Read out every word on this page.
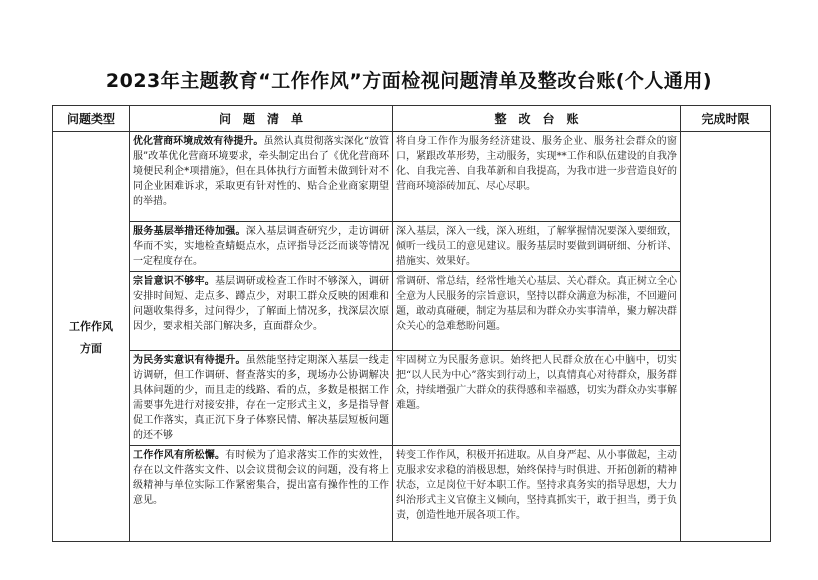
2023年主题教育“工作作风”方面检视问题清单及整改台账(个人通用)
问题类型	问　题　清　单	整　改　台　账	完成时限

工作作风
方面	优化营商环境成效有待提升。虽然认真贯彻落实深化“放管服”改革优化营商环境要求，牵头制定出台了《优化营商环境便民利企*项措施》，但在具体执行方面暂未做到针对不同企业困难诉求，采取更有针对性的、贴合企业商家期望的举措。	将自身工作作为服务经济建设、服务企业、服务社会群众的窗口，紧跟改革形势，主动服务，实现**工作和队伍建设的自我净化、自我完善、自我革新和自我提高，为我市进一步营造良好的营商环境添砖加瓦、尽心尽职。	

	服务基层举措还待加强。深入基层调查研究少，走访调研华而不实，实地检查蜻蜓点水，点评指导泛泛而谈等情况一定程度存在。	深入基层，深入一线，深入班组，了解掌握情况要深入要细致，倾听一线员工的意见建议。服务基层时要做到调研细、分析详、措施实、效果好。	

	宗旨意识不够牢。基层调研或检查工作时不够深入，调研安排时间短、走点多、蹲点少，对职工群众反映的困难和问题收集得多，过问得少，了解面上情况多，找深层次原因少，要求相关部门解决多，直面群众少。	常调研、常总结，经常性地关心基层、关心群众。真正树立全心全意为人民服务的宗旨意识，坚持以群众满意为标准，不回避问题，敢动真碰硬，制定为基层和为群众办实事清单，聚力解决群众关心的急难愁盼问题。	

	为民务实意识有待提升。虽然能坚持定期深入基层一线走访调研，但工作调研、督查落实的多，现场办公协调解决具体问题的少，而且走的线路、看的点，多数是根据工作需要事先进行对接安排，存在一定形式主义，多是指导督促工作落实，真正沉下身子体察民情、解决基层短板问题的还不够	牢固树立为民服务意识。始终把人民群众放在心中脑中，切实把“以人民为中心”落实到行动上，以真情真心对待群众，服务群众，持续增强广大群众的获得感和幸福感，切实为群众办实事解难题。	

	工作作风有所松懈。有时候为了追求落实工作的实效性，存在以文件落实文件、以会议贯彻会议的问题，没有将上级精神与单位实际工作紧密集合，提出富有操作性的工作意见。	转变工作作风，积极开拓进取。从自身严起、从小事做起，主动克服求安求稳的消极思想，始终保持与时俱进、开拓创新的精神状态，立足岗位干好本职工作。坚持求真务实的指导思想，大力纠治形式主义官僚主义倾向，坚持真抓实干，敢于担当，勇于负责，创造性地开展各项工作。	
